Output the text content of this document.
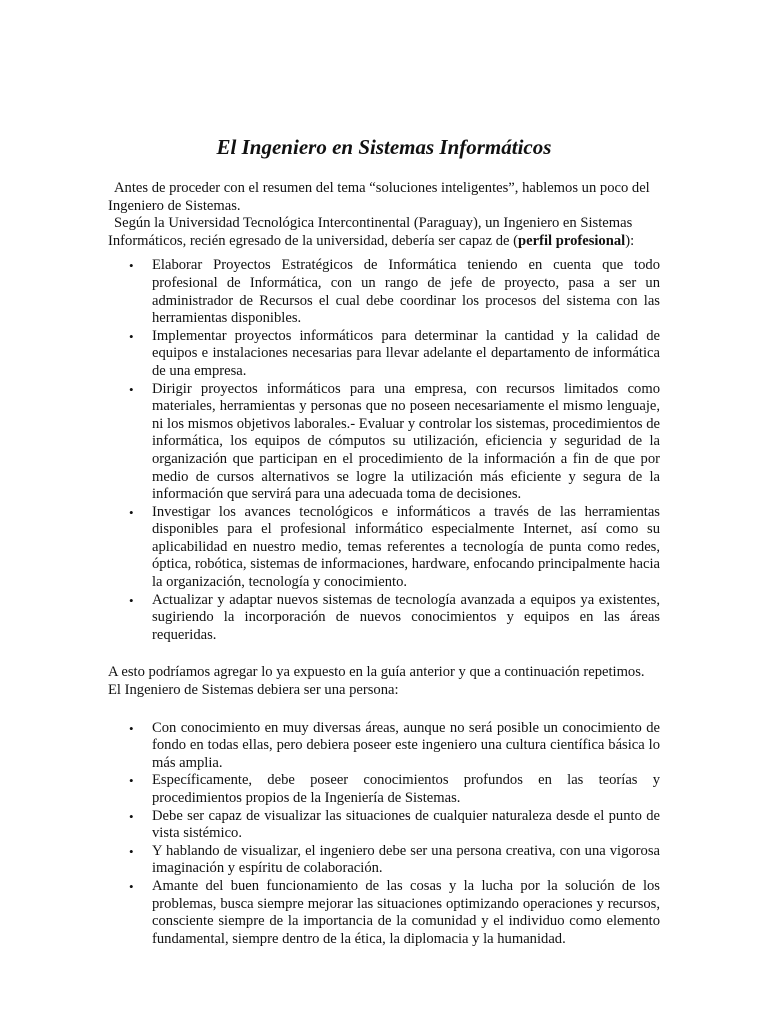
El Ingeniero en Sistemas Informáticos

Antes de proceder con el resumen del tema “soluciones inteligentes”, hablemos un poco del Ingeniero de Sistemas.

Según la Universidad Tecnológica Intercontinental (Paraguay), un Ingeniero en Sistemas Informáticos, recién egresado de la universidad, debería ser capaz de (perfil profesional):

• Elaborar Proyectos Estratégicos de Informática teniendo en cuenta que todo profesional de Informática, con un rango de jefe de proyecto, pasa a ser un administrador de Recursos el cual debe coordinar los procesos del sistema con las herramientas disponibles.
• Implementar proyectos informáticos para determinar la cantidad y la calidad de equipos e instalaciones necesarias para llevar adelante el departamento de informática de una empresa.
• Dirigir proyectos informáticos para una empresa, con recursos limitados como materiales, herramientas y personas que no poseen necesariamente el mismo lenguaje, ni los mismos objetivos laborales.- Evaluar y controlar los sistemas, procedimientos de informática, los equipos de cómputos su utilización, eficiencia y seguridad de la organización que participan en el procedimiento de la información a fin de que por medio de cursos alternativos se logre la utilización más eficiente y segura de la información que servirá para una adecuada toma de decisiones.
• Investigar los avances tecnológicos e informáticos a través de las herramientas disponibles para el profesional informático especialmente Internet, así como su aplicabilidad en nuestro medio, temas referentes a tecnología de punta como redes, óptica, robótica, sistemas de informaciones, hardware, enfocando principalmente hacia la organización, tecnología y conocimiento.
• Actualizar y adaptar nuevos sistemas de tecnología avanzada a equipos ya existentes, sugiriendo la incorporación de nuevos conocimientos y equipos en las áreas requeridas.

A esto podríamos agregar lo ya expuesto en la guía anterior y que a continuación repetimos. El Ingeniero de Sistemas debiera ser una persona:

• Con conocimiento en muy diversas áreas, aunque no será posible un conocimiento de fondo en todas ellas, pero debiera poseer este ingeniero una cultura científica básica lo más amplia.
• Específicamente, debe poseer conocimientos profundos en las teorías y procedimientos propios de la Ingeniería de Sistemas.
• Debe ser capaz de visualizar las situaciones de cualquier naturaleza desde el punto de vista sistémico.
• Y hablando de visualizar, el ingeniero debe ser una persona creativa, con una vigorosa imaginación y espíritu de colaboración.
• Amante del buen funcionamiento de las cosas y la lucha por la solución de los problemas, busca siempre mejorar las situaciones optimizando operaciones y recursos, consciente siempre de la importancia de la comunidad y el individuo como elemento fundamental, siempre dentro de la ética, la diplomacia y la humanidad.
